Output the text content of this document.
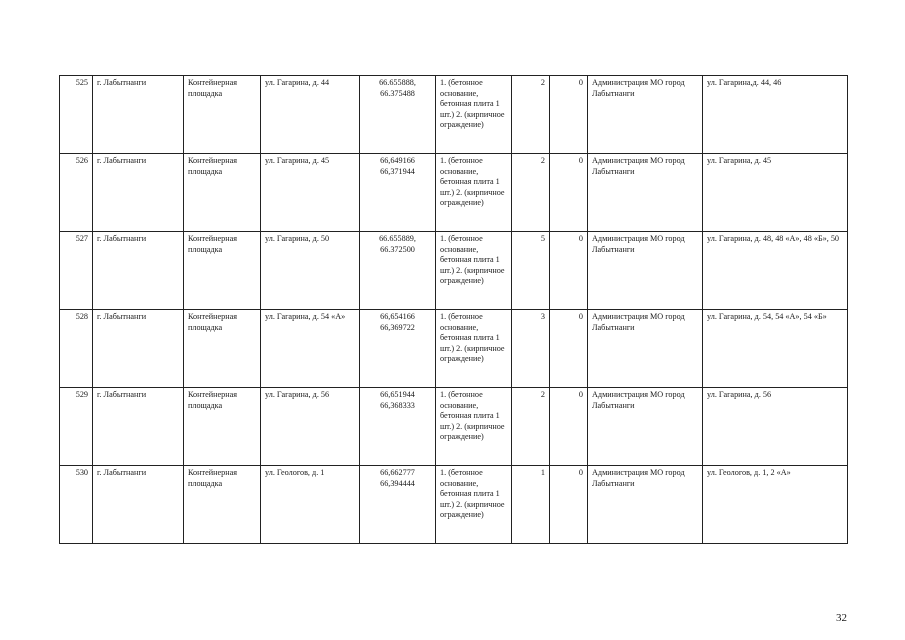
525	г. Лабытнанги	Контейнерная площадка	ул. Гагарина, д. 44	66.655888,
66.375488	1. (бетонное основание, бетонная плита 1 шт.) 2. (кирпичное ограждение)	2	0	Администрация МО город Лабытнанги	ул. Гагарина,д. 44, 46
526	г. Лабытнанги	Контейнерная площадка	ул. Гагарина, д. 45	66,649166
66,371944	1. (бетонное основание, бетонная плита 1 шт.) 2. (кирпичное ограждение)	2	0	Администрация МО город Лабытнанги	ул. Гагарина, д. 45
527	г. Лабытнанги	Контейнерная площадка	ул. Гагарина, д. 50	66.655889,
66.372500	1. (бетонное основание, бетонная плита 1 шт.) 2. (кирпичное ограждение)	5	0	Администрация МО город Лабытнанги	ул. Гагарина, д. 48, 48 «А», 48 «Б», 50
528	г. Лабытнанги	Контейнерная площадка	ул. Гагарина, д. 54 «А»	66,654166
66,369722	1. (бетонное основание, бетонная плита 1 шт.) 2. (кирпичное ограждение)	3	0	Администрация МО город Лабытнанги	ул. Гагарина, д. 54, 54 «А», 54 «Б»
529	г. Лабытнанги	Контейнерная площадка	ул. Гагарина, д. 56	66,651944
66,368333	1. (бетонное основание, бетонная плита 1 шт.) 2. (кирпичное ограждение)	2	0	Администрация МО город Лабытнанги	ул. Гагарина, д. 56
530	г. Лабытнанги	Контейнерная площадка	ул. Геологов, д. 1	66,662777
66,394444	1. (бетонное основание, бетонная плита 1 шт.) 2. (кирпичное ограждение)	1	0	Администрация МО город Лабытнанги	ул. Геологов, д. 1, 2 «А»
32
